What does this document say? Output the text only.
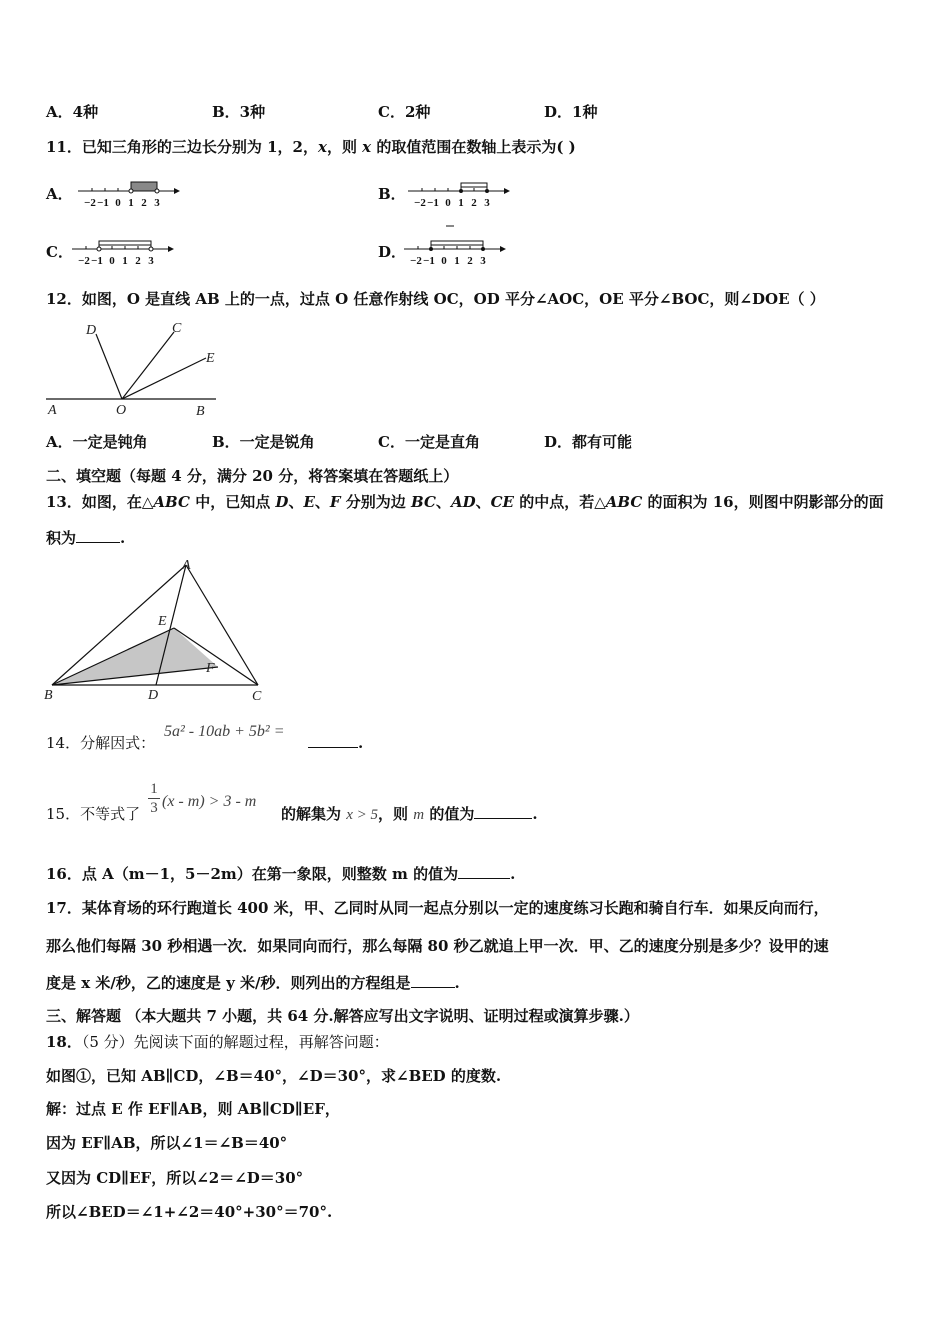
A．4种	B．3种	C．2种	D．1种
11．已知三角形的三边长分别为 1，2，x，则 x 的取值范围在数轴上表示为( )
A．	B．
C．	D．
−2 −1 0 1 2 3	−2 −1 0 1 2 3
−2 −1 0 1 2 3	−2 −1 0 1 2 3
12．如图，O 是直线 AB 上的一点，过点 O 任意作射线 OC，OD 平分∠AOC，OE 平分∠BOC，则∠DOE（ ）
A	O	B
D	C
E
A．一定是钝角	B．一定是锐角	C．一定是直角	D．都有可能
二、填空题（每题 4 分，满分 20 分，将答案填在答题纸上）
13．如图，在△ABC 中，已知点 D、E、F 分别为边 BC、AD、CE 的中点，若△ABC 的面积为 16，则图中阴影部分的面
积为	.
A
B	C
D
E
F
14．分解因式：
5a² - 10ab + 5b² =
.
15．不等式了
1
3 (x - m) > 3 - m
的解集为 x > 5，则 m 的值为	.
16．点 A（m－1，5－2m）在第一象限，则整数 m 的值为	.
17．某体育场的环行跑道长 400 米，甲、乙同时从同一起点分别以一定的速度练习长跑和骑自行车．如果反向而行，
那么他们每隔 30 秒相遇一次．如果同向而行，那么每隔 80 秒乙就追上甲一次．甲、乙的速度分别是多少？设甲的速
度是 x 米/秒，乙的速度是 y 米/秒．则列出的方程组是	.
三、解答题 （本大题共 7 小题，共 64 分.解答应写出文字说明、证明过程或演算步骤.）
18．（5 分）先阅读下面的解题过程，再解答问题：
如图①，已知 AB∥CD，∠B＝40°，∠D＝30°，求∠BED 的度数.
解：过点 E 作 EF∥AB，则 AB∥CD∥EF，
因为 EF∥AB，所以∠1＝∠B＝40°
又因为 CD∥EF，所以∠2＝∠D＝30°
所以∠BED＝∠1+∠2＝40°+30°＝70°.
